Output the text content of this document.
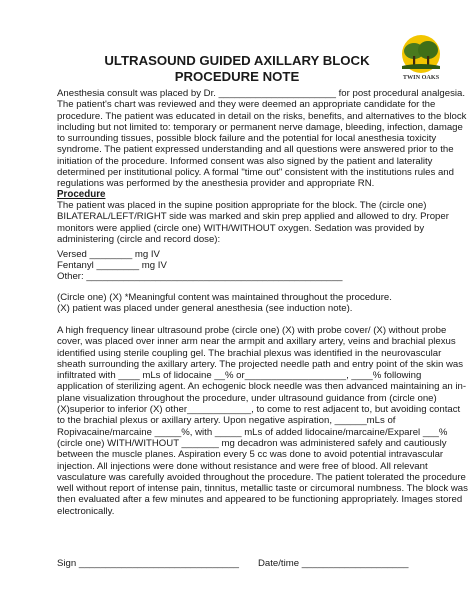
ULTRASOUND GUIDED AXILLARY BLOCK
PROCEDURE NOTE	TWIN OAKS

Anesthesia consult was placed by Dr. ______________________ for post procedural analgesia. The patient's chart was reviewed and they were deemed an appropriate candidate for the procedure. The patient was educated in detail on the risks, benefits, and alternatives to the block including but not limited to: temporary or permanent nerve damage, bleeding, infection, damage to surrounding tissues, possible block failure and the potential for local anesthesia toxicity syndrome. The patient expressed understanding and all questions were answered prior to the initiation of the procedure. Informed consent was also signed by the patient and laterality determined per institutional policy. A formal "time out" consistent with the institutions rules and regulations was performed by the anesthesia provider and appropriate RN.

Procedure

The patient was placed in the supine position appropriate for the block. The (circle one) BILATERAL/LEFT/RIGHT side was marked and skin prep applied and allowed to dry. Proper monitors were applied (circle one) WITH/WITHOUT oxygen. Sedation was provided by administering (circle and record dose):

Versed ________ mg IV
Fentanyl ________ mg IV
Other: ________________________________________________
(Circle one) (X) *Meaningful content was maintained throughout the procedure.
(X) patient was placed under general anesthesia (see induction note).

A high frequency linear ultrasound probe (circle one) (X) with probe cover/ (X) without probe cover, was placed over inner arm near the armpit and axillary artery, veins and brachial plexus identified using sterile coupling gel. The brachial plexus was identified in the neurovascular sheath surrounding the axillary artery. The projected needle path and entry point of the skin was infiltrated with ____ mLs of lidocaine __% or___________________, ____% following application of sterilizing agent. An echogenic block needle was then advanced maintaining an in-plane visualization throughout the procedure, under ultrasound guidance from (circle one) (X)superior to inferior (X) other____________, to come to rest adjacent to, but avoiding contact to the brachial plexus or axillary artery. Upon negative aspiration, ______mLs of Ropivacaine/marcaine _____%, with _____ mLs of added lidocaine/marcaine/Exparel ___%(circle one) WITH/WITHOUT _______ mg decadron was administered safely and cautiously between the muscle planes. Aspiration every 5 cc was done to avoid potential intravascular injection. All injections were done without resistance and were free of blood. All relevant vasculature was carefully avoided throughout the procedure. The patient tolerated the procedure well without report of intense pain, tinnitus, metallic taste or circumoral numbness. The block was then evaluated after a few minutes and appeared to be functioning appropriately. Images stored electronically.

Sign ______________________________ Date/time ____________________
